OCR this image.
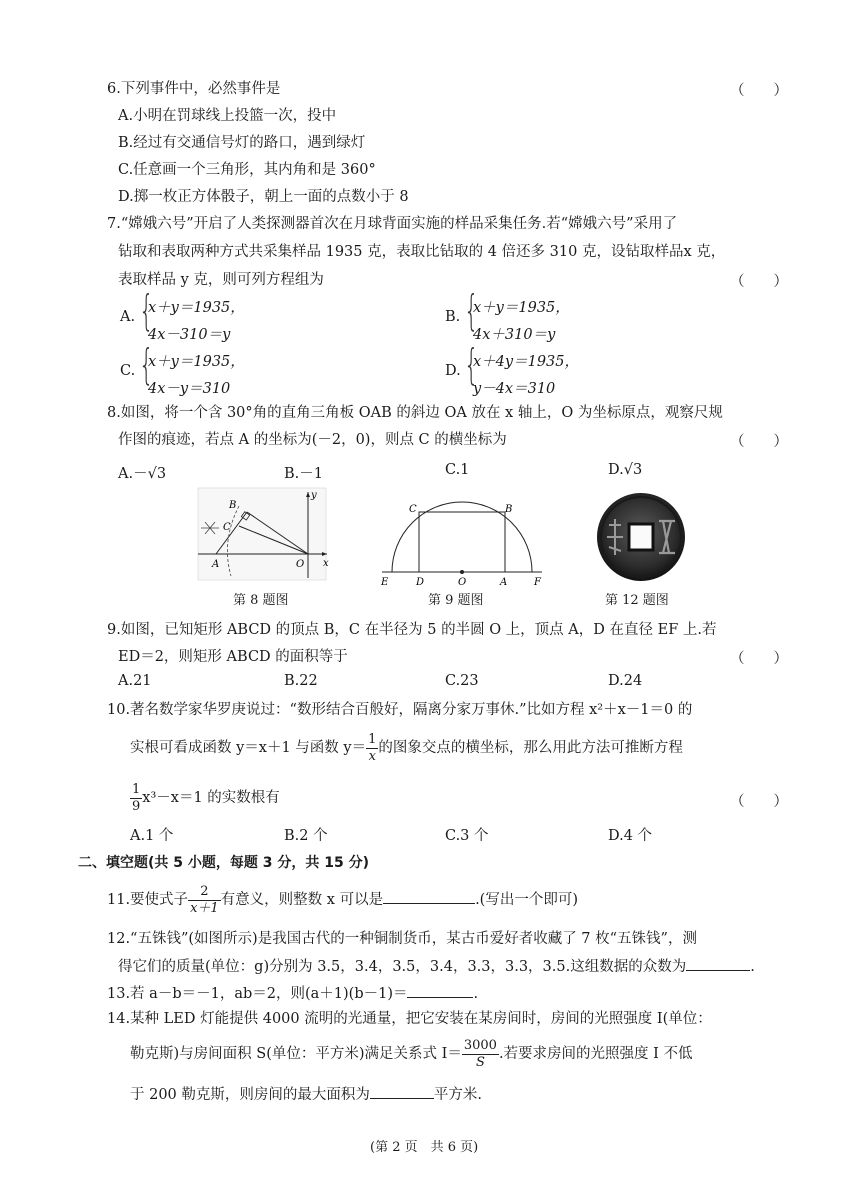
6.下列事件中，必然事件是	（　　）
A.小明在罚球线上投篮一次，投中
B.经过有交通信号灯的路口，遇到绿灯
C.任意画一个三角形，其内角和是 360°
D.掷一枚正方体骰子，朝上一面的点数小于 8
7.“嫦娥六号”开启了人类探测器首次在月球背面实施的样品采集任务.若“嫦娥六号”采用了
钻取和表取两种方式共采集样品 1935 克，表取比钻取的 4 倍还多 310 克，设钻取样品x 克，
表取样品 y 克，则可列方程组为	（　　）
A. {
x＋y＝1935，
4x－310＝y
B. {
x＋y＝1935，
4x＋310＝y
C. {
x＋y＝1935，
4x－y＝310
D. {
x＋4y＝1935，
y－4x＝310
8.如图，将一个含 30°角的直角三角板 OAB 的斜边 OA 放在 x 轴上，O 为坐标原点，观察尺规
作图的痕迹，若点 A 的坐标为(－2，0)，则点 C 的横坐标为	（　　）
A.－√3	B.－1	C.1	D.√3
B
C
A	O x
y
第 8 题图
C	B
E	D	O	A	F
第 9 题图	第 12 题图
9.如图，已知矩形 ABCD 的顶点 B，C 在半径为 5 的半圆 O 上，顶点 A，D 在直径 EF 上.若
ED＝2，则矩形 ABCD 的面积等于	（　　）
A.21	B.22	C.23	D.24
10.著名数学家华罗庚说过：“数形结合百般好，隔离分家万事休.”比如方程 x²＋x－1＝0 的
实根可看成函数 y＝x＋1 与函数 $y= \frac{1}{x}$ 的图象交点的横坐标，那么用此方法可推断方程
$\frac{1}{9} x^3-x=1$ 的实数根有	（　　）
A.1 个	B.2 个	C.3 个	D.4 个
二、填空题(共 5 小题，每题 3 分，共 15 分)
11.要使式子 $\frac{2}{x+1}$ 有意义，则整数 x 可以是	.(写出一个即可)
12.“五铢钱”(如图所示)是我国古代的一种铜制货币，某古币爱好者收藏了 7 枚“五铢钱”，测
得它们的质量(单位：g)分别为 3.5，3.4，3.5，3.4，3.3，3.3，3.5.这组数据的众数为	.
13.若 a－b＝－1，ab＝2，则(a＋1)(b－1)＝	.
14.某种 LED 灯能提供 4000 流明的光通量，把它安装在某房间时，房间的光照强度 I(单位：
勒克斯)与房间面积 S(单位：平方米)满足关系式 $I= \frac{3000}{S}$ .若要求房间的光照强度 I 不低
于 200 勒克斯，则房间的最大面积为	平方米.
(第 2 页　共 6 页)
